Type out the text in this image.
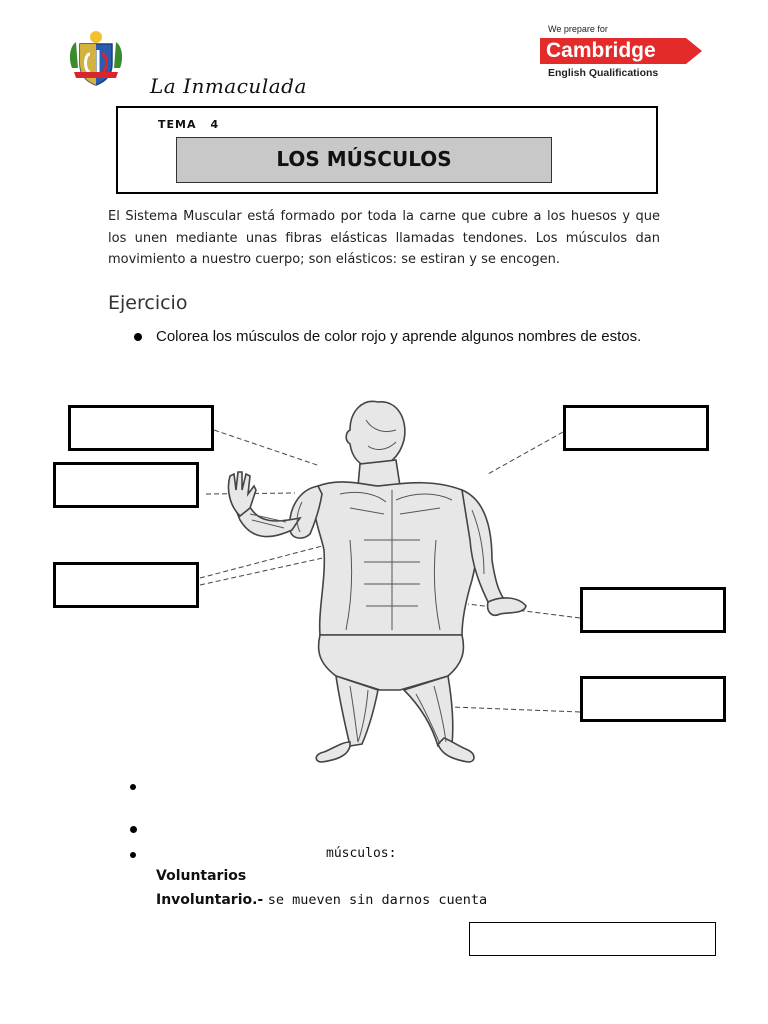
La Inmaculada
We prepare for
Cambridge
English Qualifications
TEMA 4
LOS MÚSCULOS

El Sistema Muscular está formado por toda la carne que cubre a los huesos y que los unen mediante unas fibras elásticas llamadas tendones. Los músculos dan movimiento a nuestro cuerpo; son elásticos: se estiran y se encogen.

Ejercicio
Colorea los músculos de color rojo y aprende algunos nombres de estos.
músculos:
Voluntarios
Involuntario.- se mueven sin darnos cuenta
